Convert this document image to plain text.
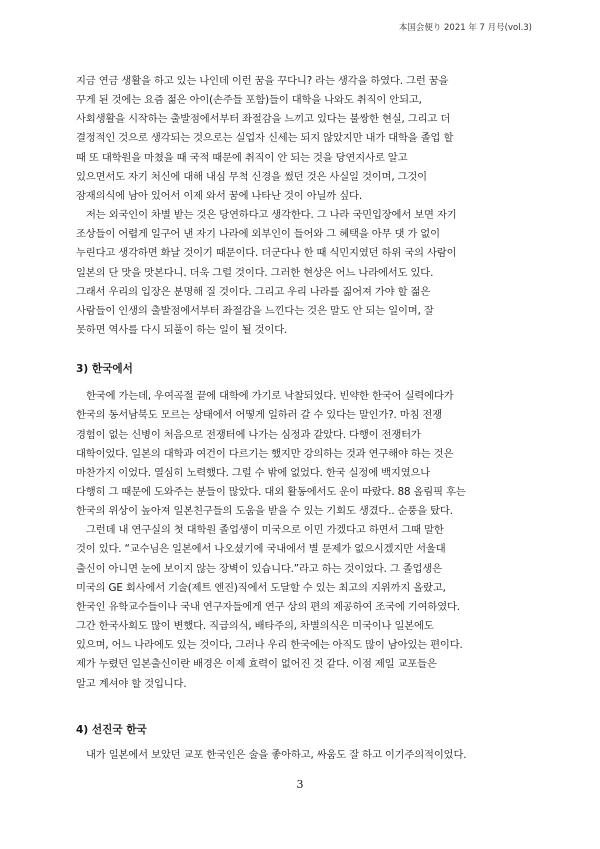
本国会便り 2021 年 7 月号(vol.3)

지금 연금 생활을 하고 있는 나인데 이런 꿈을 꾸다니? 라는 생각을 하였다. 그런 꿈을
꾸게 된 것에는 요즘 젊은 아이(손주들 포함)들이 대학을 나와도 취직이 안되고,
사회생활을 시작하는 출발점에서부터 좌절감을 느끼고 있다는 불쌍한 현실, 그리고 더
결정적인 것으로 생각되는 것으로는 실업자 신세는 되지 않았지만 내가 대학을 졸업 할
때 또 대학원을 마쳤을 때 국적 때문에 취직이 안 되는 것을 당연지사로 알고
있으면서도 자기 처신에 대해 내심 무척 신경을 썼던 것은 사실일 것이며, 그것이
잠재의식에 남아 있어서 이제 와서 꿈에 나타난 것이 아닐까 싶다.

저는 외국인이 차별 받는 것은 당연하다고 생각한다. 그 나라 국민입장에서 보면 자기
조상들이 어렵게 일구어 낸 자기 나라에 외부인이 들어와 그 혜택을 아무 댓 가 없이
누린다고 생각하면 화날 것이기 때문이다. 더군다나 한 때 식민지였던 하위 국의 사람이
일본의 단 맛을 맛본다니. 더욱 그럴 것이다. 그러한 현상은 어느 나라에서도 있다.
그래서 우리의 입장은 분명해 질 것이다. 그리고 우리 나라를 짊어져 가야 할 젊은
사람들이 인생의 출발점에서부터 좌절감을 느낀다는 것은 말도 안 되는 일이며, 잘
못하면 역사를 다시 되풀이 하는 일이 될 것이다.

3) 한국에서

한국에 가는데, 우여곡절 끝에 대학에 가기로 낙찰되었다. 빈약한 한국어 실력에다가
한국의 동서남북도 모르는 상태에서 어떻게 일하러 갈 수 있다는 말인가?. 마침 전쟁
경험이 없는 신병이 처음으로 전쟁터에 나가는 심정과 같았다. 다행이 전쟁터가
대학이었다. 일본의 대학과 여건이 다르기는 했지만 강의하는 것과 연구해야 하는 것은
마찬가지 이었다. 열심히 노력했다. 그럴 수 밖에 없었다. 한국 실정에 백지였으나
다행히 그 때문에 도와주는 분들이 많았다. 대외 활동에서도 운이 따랐다. 88 올림픽 후는
한국의 위상이 높아져 일본친구들의 도움을 받을 수 있는 기회도 생겼다.. 순풍을 탔다.

그런데 내 연구실의 첫 대학원 졸업생이 미국으로 이민 가겠다고 하면서 그때 말한
것이 있다. “교수님은 일본에서 나오셨기에 국내에서 별 문제가 없으시겠지만 서울대
출신이 아니면 눈에 보이지 않는 장벽이 있습니다.”라고 하는 것이었다. 그 졸업생은
미국의 GE 회사에서 기술(제트 엔진)직에서 도달할 수 있는 최고의 지위까지 올랐고,
한국인 유학교수들이나 국내 연구자들에게 연구 상의 편의 제공하여 조국에 기여하였다.
그간 한국사회도 많이 변했다. 직급의식, 배타주의, 차별의식은 미국이나 일본에도
있으며, 어느 나라에도 있는 것이다, 그러나 우리 한국에는 아직도 많이 남아있는 편이다.
제가 누렸던 일본출신이란 배경은 이제 효력이 없어진 것 같다. 이점 제일 교포들은
알고 계셔야 할 것입니다.

4) 선진국 한국

내가 일본에서 보았던 교포 한국인은 술을 좋아하고, 싸움도 잘 하고 이기주의적이었다.

3
